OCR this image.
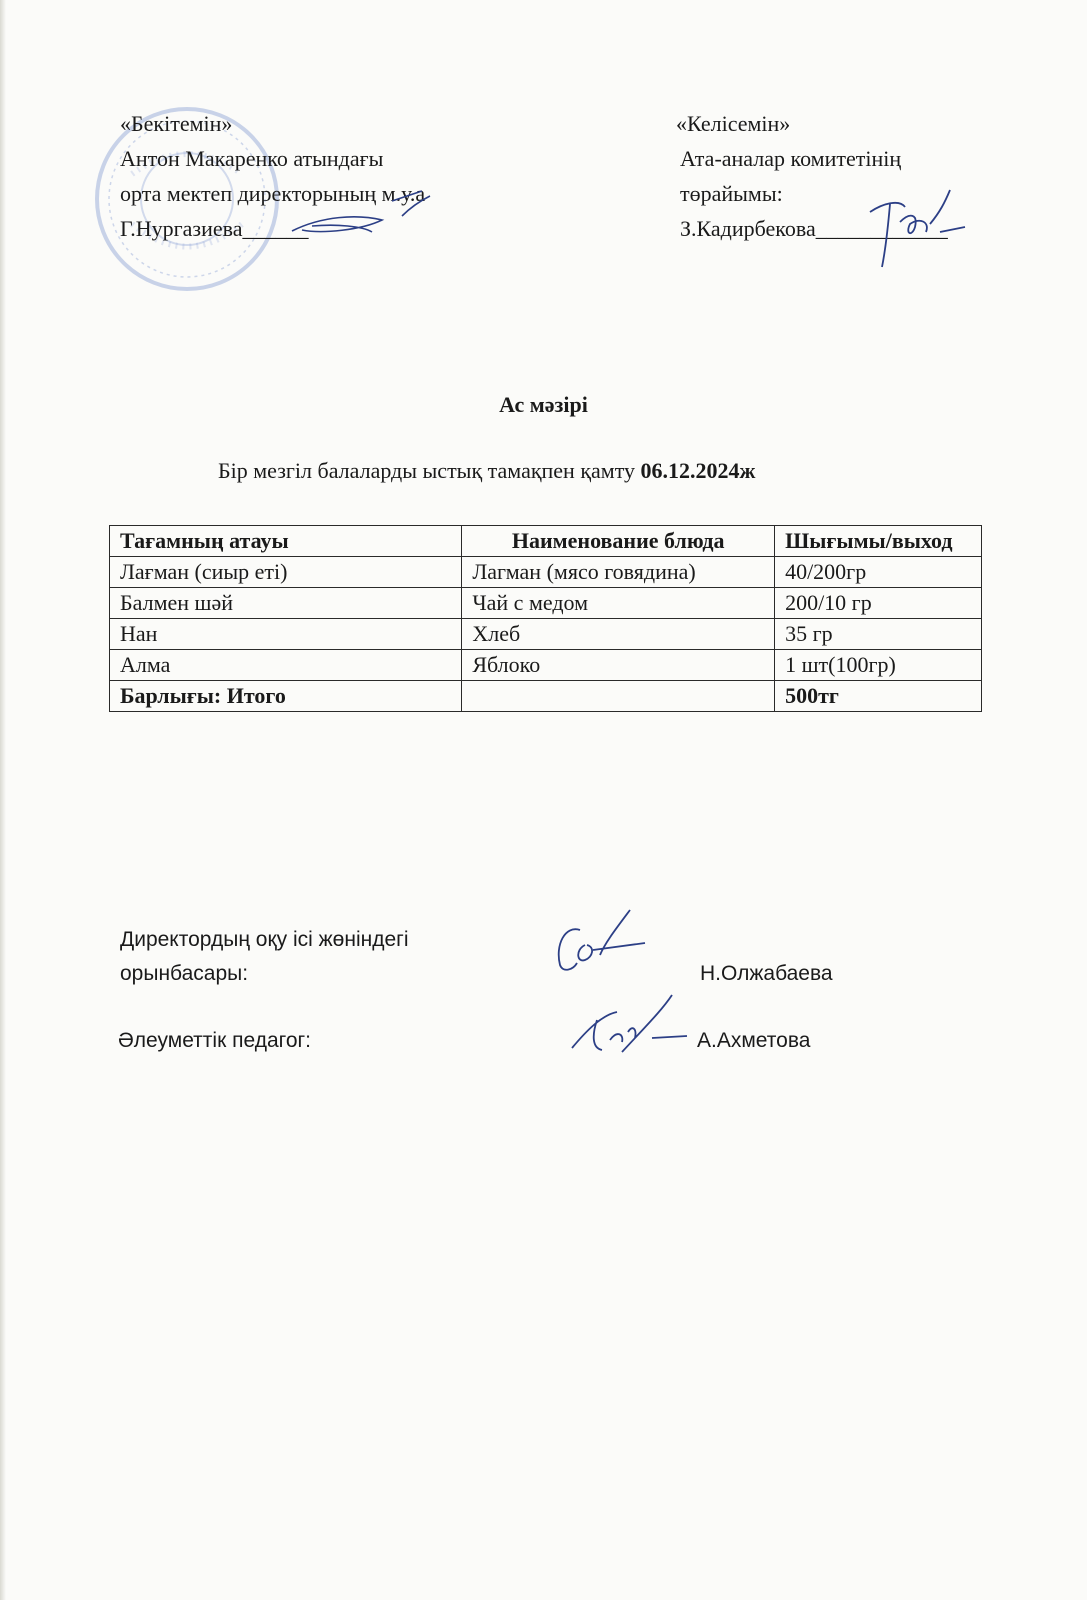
«Бекітемін»
Антон Макаренко атындағы
орта мектеп директорының м.у.а
Г.Нургазиева______
«Келісемін»
Ата-аналар комитетінің
төрайымы:
З.Кадирбекова____________
Ас мәзірі
Бір мезгіл балаларды ыстық тамақпен қамту 06.12.2024ж
Тағамның атауы	Наименование блюда	Шығымы/выход
Лағман (сиыр еті)	Лагман (мясо говядина)	40/200гр
Балмен шәй	Чай с медом	200/10 гр
Нан	Хлеб	35 гр
Алма	Яблоко	1 шт(100гр)
Барлығы: Итого		500тг
Директордың оқу ісі жөніндегі
орынбасары:	Н.Олжабаева
Әлеуметтік педагог:	А.Ахметова
